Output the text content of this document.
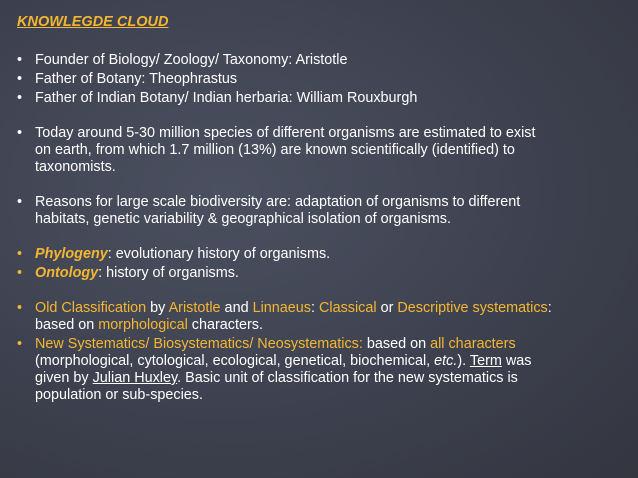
KNOWLEGDE CLOUD
• Founder of Biology/ Zoology/ Taxonomy: Aristotle
• Father of Botany: Theophrastus
• Father of Indian Botany/ Indian herbaria: William Rouxburgh
• Today around 5-30 million species of different organisms are estimated to exist
on earth, from which 1.7 million (13%) are known scientifically (identified) to
taxonomists.
• Reasons for large scale biodiversity are: adaptation of organisms to different
habitats, genetic variability & geographical isolation of organisms.
• Phylogeny: evolutionary history of organisms.
• Ontology: history of organisms.
• Old Classification by Aristotle and Linnaeus: Classical or Descriptive systematics:
based on morphological characters.
• New Systematics/ Biosystematics/ Neosystematics: based on all characters
(morphological, cytological, ecological, genetical, biochemical, etc.). Term was
given by Julian Huxley. Basic unit of classification for the new systematics is
population or sub-species.
